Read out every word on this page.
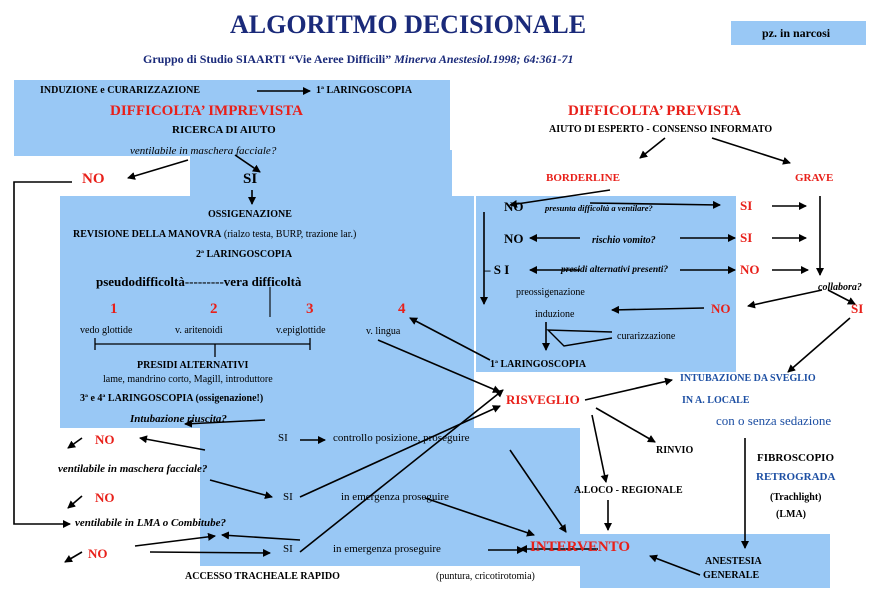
ALGORITMO DECISIONALE
Gruppo di Studio SIAARTI “Vie Aeree Difficili” Minerva Anestesiol.1998; 64:361-71
pz. in narcosi
INDUZIONE e CURARIZZAZIONE	1ª LARINGOSCOPIA
DIFFICOLTA’ IMPREVISTA
RICERCA DI AIUTO
ventilabile in maschera facciale?
NO	SI
OSSIGENAZIONE
REVISIONE DELLA MANOVRA (rialzo testa, BURP, trazione lar.)
2ª LARINGOSCOPIA
pseudodifficoltà---------vera difficoltà
1	2	3	4
vedo glottide	v. aritenoidi	v.epiglottide	v. lingua
PRESIDI ALTERNATIVI
lame, mandrino corto, Magill, introduttore
3ª e 4ª LARINGOSCOPIA (ossigenazione!)
Intubazione riuscita?
NO	SI	controllo posizione, proseguire
ventilabile in maschera facciale?
NO	SI	in emergenza proseguire
ventilabile in LMA o Combitube?
NO	SI	in emergenza proseguire
ACCESSO TRACHEALE RAPIDO	(puntura, cricotirotomia)
DIFFICOLTA’ PREVISTA
AIUTO DI ESPERTO - CONSENSO INFORMATO
BORDERLINE	GRAVE
NO	presunta difficoltà a ventilare?	SI
NO	rischio vomito?	SI
– S I	presidi alternativi presenti?	NO
collabora?
preossigenazione
NO	SI
induzione
curarizzazione
1ª LARINGOSCOPIA
RISVEGLIO
INTUBAZIONE DA SVEGLIO
IN A. LOCALE
con o senza sedazione
RINVIO
FIBROSCOPIO
RETROGRADA
(Trachlight)
(LMA)
A.LOCO - REGIONALE
INTERVENTO
ANESTESIA
GENERALE
